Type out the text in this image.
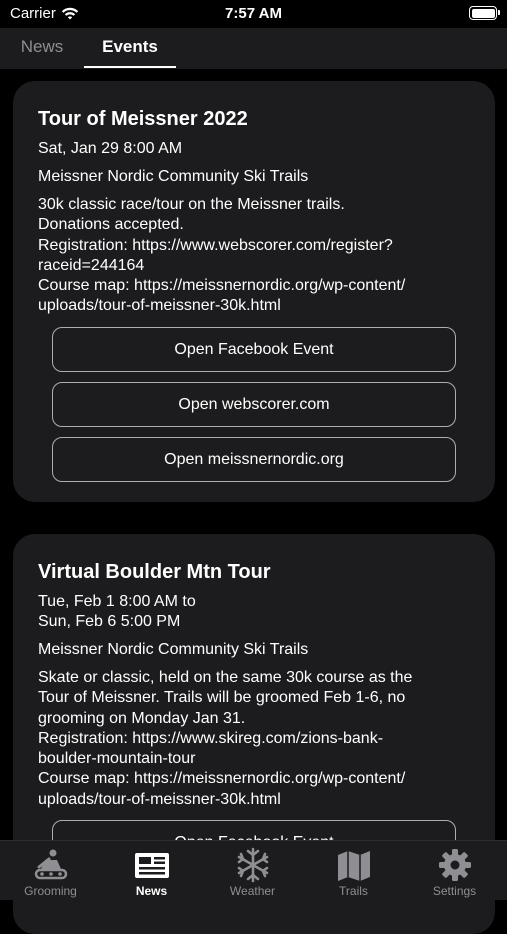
Carrier	7:57 AM
News	Events
Tour of Meissner 2022
Sat, Jan 29 8:00 AM
Meissner Nordic Community Ski Trails
30k classic race/tour on the Meissner trails.
Donations accepted.
Registration: https://www.webscorer.com/register?
raceid=244164
Course map: https://meissnernordic.org/wp-content/
uploads/tour-of-meissner-30k.html
Open Facebook Event
Open webscorer.com
Open meissnernordic.org
Virtual Boulder Mtn Tour
Tue, Feb 1 8:00 AM to
Sun, Feb 6 5:00 PM
Meissner Nordic Community Ski Trails
Skate or classic, held on the same 30k course as the
Tour of Meissner. Trails will be groomed Feb 1-6, no
grooming on Monday Jan 31.
Registration: https://www.skireg.com/zions-bank-
boulder-mountain-tour
Course map: https://meissnernordic.org/wp-content/
uploads/tour-of-meissner-30k.html
Grooming	News	Weather	Trails	Settings
